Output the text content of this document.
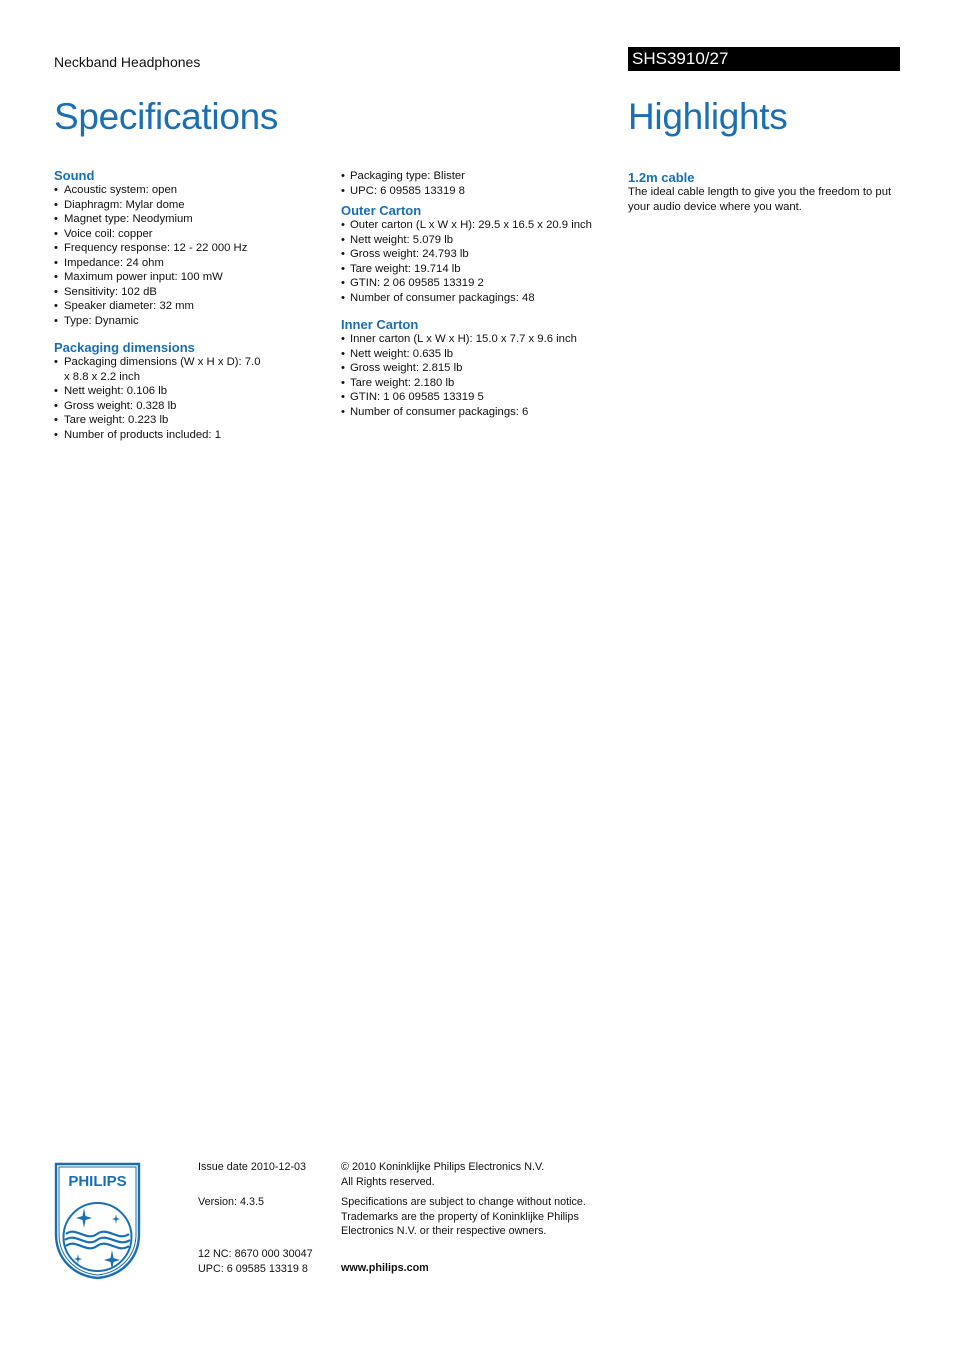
Neckband Headphones	SHS3910/27
Specifications	Highlights
Sound
• Acoustic system: open
• Diaphragm: Mylar dome
• Magnet type: Neodymium
• Voice coil: copper
• Frequency response: 12 - 22 000 Hz
• Impedance: 24 ohm
• Maximum power input: 100 mW
• Sensitivity: 102 dB
• Speaker diameter: 32 mm
• Type: Dynamic
Packaging dimensions
• Packaging dimensions (W x H x D): 7.0 x 8.8 x 2.2 inch
• Nett weight: 0.106 lb
• Gross weight: 0.328 lb
• Tare weight: 0.223 lb
• Number of products included: 1
• Packaging type: Blister
• UPC: 6 09585 13319 8
Outer Carton
• Outer carton (L x W x H): 29.5 x 16.5 x 20.9 inch
• Nett weight: 5.079 lb
• Gross weight: 24.793 lb
• Tare weight: 19.714 lb
• GTIN: 2 06 09585 13319 2
• Number of consumer packagings: 48
Inner Carton
• Inner carton (L x W x H): 15.0 x 7.7 x 9.6 inch
• Nett weight: 0.635 lb
• Gross weight: 2.815 lb
• Tare weight: 2.180 lb
• GTIN: 1 06 09585 13319 5
• Number of consumer packagings: 6
1.2m cable
The ideal cable length to give you the freedom to put your audio device where you want.
PHILIPS
Issue date 2010-12-03
Version: 4.3.5
12 NC: 8670 000 30047
UPC: 6 09585 13319 8
© 2010 Koninklijke Philips Electronics N.V.
All Rights reserved.
Specifications are subject to change without notice.
Trademarks are the property of Koninklijke Philips
Electronics N.V. or their respective owners.
www.philips.com
